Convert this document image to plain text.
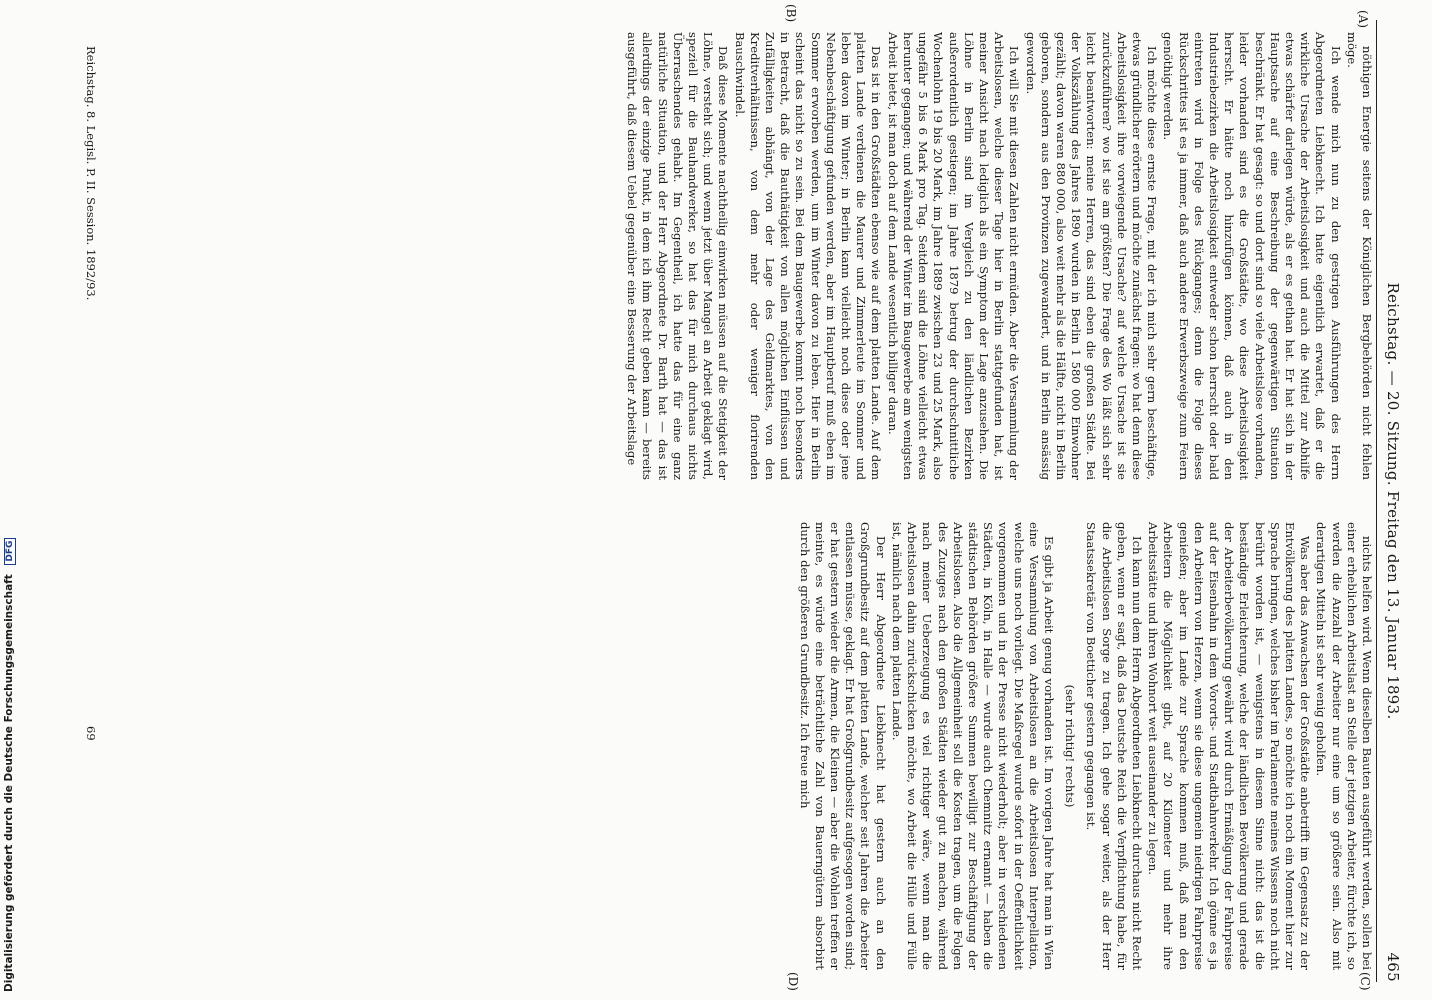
Reichstag. — 20. Sitzung. Freitag den 13. Januar 1893.
465
(A)
(B)
(C)
(D)

nöthigen Energie seitens der Königlichen Bergbehörden nicht fehlen möge.

Ich wende mich nun zu den gestrigen Ausführungen des Herrn Abgeordneten Liebknecht. Ich hatte eigentlich erwartet, daß er die wirkliche Ursache der Arbeitslosigkeit und auch die Mittel zur Abhilfe etwas schärfer darlegen würde, als er es gethan hat. Er hat sich in der Hauptsache auf eine Beschreibung der gegenwärtigen Situation beschränkt. Er hat gesagt: so und dort sind so viele Arbeitslose vorhanden, leider vorhanden sind es die Großstädte, wo diese Arbeitslosigkeit herrscht. Er hätte noch hinzufügen können, daß auch in den Industriebezirken die Arbeitslosigkeit entweder schon herrscht oder bald eintreten wird in Folge des Rückganges; denn die Folge dieses Rückschrittes ist es ja immer, daß auch andere Erwerbszweige zum Feiern genöthigt werden.

Ich möchte diese ernste Frage, mit der ich mich sehr gern beschäftige, etwas gründlicher erörtern und möchte zunächst fragen: wo hat denn diese Arbeitslosigkeit ihre vorwiegende Ursache? auf welche Ursache ist sie zurückzuführen? wo ist sie am größten? Die Frage des Wo läßt sich sehr leicht beantworten: meine Herren, das sind eben die großen Städte. Bei der Volkszählung des Jahres 1890 wurden in Berlin 1 580 000 Einwohner gezählt; davon waren 880 000, also weit mehr als die Hälfte, nicht in Berlin geboren, sondern aus den Provinzen zugewandert, und in Berlin ansässig geworden.

Ich will Sie mit diesen Zahlen nicht ermüden. Aber die Versammlung der Arbeitslosen, welche dieser Tage hier in Berlin stattgefunden hat, ist meiner Ansicht nach lediglich als ein Symptom der Lage anzusehen. Die Löhne in Berlin sind im Vergleich zu den ländlichen Bezirken außerordentlich gestiegen; im Jahre 1879 betrug der durchschnittliche Wochenlohn 19 bis 20 Mark, im Jahre 1889 zwischen 23 und 25 Mark, also ungefähr 5 bis 6 Mark pro Tag. Seitdem sind die Löhne vielleicht etwas herunter gegangen; und während der Winter im Baugewerbe am wenigsten Arbeit bietet, ist man doch auf dem Lande wesentlich billiger daran.

Das ist in den Großstädten ebenso wie auf dem platten Lande. Auf dem platten Lande verdienen die Maurer und Zimmerleute im Sommer und leben davon im Winter; in Berlin kann vielleicht noch diese oder jene Nebenbeschäftigung gefunden werden, aber im Hauptberuf muß eben im Sommer erworben werden, um im Winter davon zu leben. Hier in Berlin scheint das nicht so zu sein. Bei dem Baugewerbe kommt noch besonders in Betracht, daß die Bauthätigkeit von allen möglichen Einflüssen und Zufälligkeiten abhängt, von der Lage des Geldmarktes, von den Kreditverhältnissen, von dem mehr oder weniger florirenden Bauschwindel.

Daß diese Momente nachtheilig einwirken müssen auf die Stetigkeit der Löhne, versteht sich; und wenn jetzt über Mangel an Arbeit geklagt wird, speziell für die Bauhandwerker, so hat das für mich durchaus nichts Überraschendes gehabt. Im Gegentheil, ich hatte das für eine ganz natürliche Situation, und der Herr Abgeordnete Dr. Barth hat — das ist allerdings der einzige Punkt, in dem ich ihm Recht geben kann — bereits ausgeführt, daß diesem Uebel gegenüber eine Besserung der Arbeitslage

nichts helfen wird. Wenn dieselben Bauten ausgeführt werden, sollen bei einer erheblichen Arbeitslast an Stelle der jetzigen Arbeiter, fürchte ich, so werden die Anzahl der Arbeiter nur eine um so größere sein. Also mit derartigen Mitteln ist sehr wenig geholfen.

Was aber das Anwachsen der Großstädte anbetrifft im Gegensatz zu der Entvölkerung des platten Landes, so möchte ich noch ein Moment hier zur Sprache bringen, welches bisher im Parlamente meines Wissens noch nicht berührt worden ist, — wenigstens in diesem Sinne nicht: das ist die beständige Erleichterung, welche der ländlichen Bevölkerung und gerade der Arbeiterbevölkerung gewährt wird durch Ermäßigung der Fahrpreise auf der Eisenbahn in dem Vororts- und Stadtbahnverkehr. Ich gönne es ja den Arbeitern von Herzen, wenn sie diese ungemein niedrigen Fahrpreise genießen; aber im Lande zur Sprache kommen muß, daß man den Arbeitern die Möglichkeit gibt, auf 20 Kilometer und mehr ihre Arbeitsstätte und ihren Wohnort weit auseinander zu legen.

Ich kann nun dem Herrn Abgeordneten Liebknecht durchaus nicht Recht geben, wenn er sagt, daß das Deutsche Reich die Verpflichtung habe, für die Arbeitslosen Sorge zu tragen. Ich gehe sogar weiter, als der Herr Staatssekretär von Boetticher gestern gegangen ist.

(sehr richtig! rechts)

Es gibt ja Arbeit genug vorhanden ist. Im vorigen Jahre hat man in Wien eine Versammlung von Arbeitslosen an die Arbeitslosen Interpellation, welche uns noch vorliegt. Die Maßregel wurde sofort in der Oeffentlichkeit vorgenommen und in der Presse nicht wiederholt; aber in verschiedenen Städten, in Köln, in Halle — wurde auch Chemnitz ernannt — haben die städtischen Behörden größere Summen bewilligt zur Beschäftigung der Arbeitslosen. Also die Allgemeinheit soll die Kosten tragen, um die Folgen des Zuzuges nach den großen Städten wieder gut zu machen, während nach meiner Ueberzeugung es viel richtiger wäre, wenn man die Arbeitslosen dahin zurückschicken möchte, wo Arbeit die Hülle und Fülle ist, nämlich nach dem platten Lande.

Der Herr Abgeordnete Liebknecht hat gestern auch an den Großgrundbesitz auf dem platten Lande, welcher seit Jahren die Arbeiter entlassen müsse, geklagt. Er hat Großgrundbesitz aufgesogen worden sind; er hat gestern wieder die Armen, die Kleinen — aber die Wohlen treffen er meinte, es würde eine beträchtliche Zahl von Bauerngütern absorbirt durch den größeren Grundbesitz. Ich freue mich

Reichstag. 8. Legisl. P. II. Session. 1892/93.
69
Digitalisierung gefördert durch die Deutsche Forschungsgemeinschaft DFG
